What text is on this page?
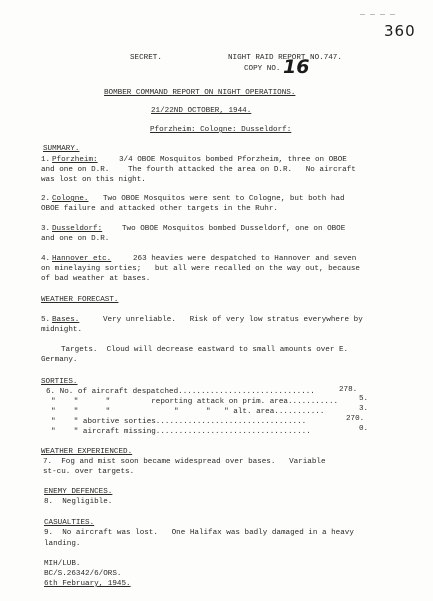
360
SECRET.	NIGHT RAID REPORT NO.747.
COPY NO. 16
BOMBER COMMAND REPORT ON NIGHT OPERATIONS.
21/22ND OCTOBER, 1944.
Pforzheim: Cologne: Dusseldorf:
SUMMARY.
1. Pforzheim:	3/4 OBOE Mosquitos bombed Pforzheim, three on OBOE
and one on D.R. The fourth attacked the area on D.R.   No aircraft
was lost on this night.
2. Cologne. Two OBOE Mosquitos were sent to Cologne, but both had
OBOE failure and attacked other targets in the Ruhr.
3. Dusseldorf:	Two OBOE Mosquitos bombed Dusseldorf, one on OBOE
and one on D.R.
4. Hannover etc.	263 heavies were despatched to Hannover and seven
on minelaying sorties;   but all were recalled on the way out, because
of bad weather at bases.
WEATHER FORECAST.
5. Bases.	Very unreliable.   Risk of very low stratus everywhere by
midnight.
Targets.  Cloud will decrease eastward to small amounts over E.
Germany.
SORTIES.
6. No. of aircraft despatched..............................	278.
"    "      "         reporting attack on prim. area...........	5.
"    "      "              "      "   " alt. area...........	3.
"    " abortive sorties.................................	270.
"    " aircraft missing..................................	0.
WEATHER EXPERIENCED.
7.  Fog and mist soon became widespread over bases.   Variable
st-cu. over targets.
ENEMY DEFENCES.
8.  Negligible.
CASUALTIES.
9.  No aircraft was lost.   One Halifax was badly damaged in a heavy
landing.
MIH/LUB.
BC/S.26342/6/ORS.
6th February, 1945.
